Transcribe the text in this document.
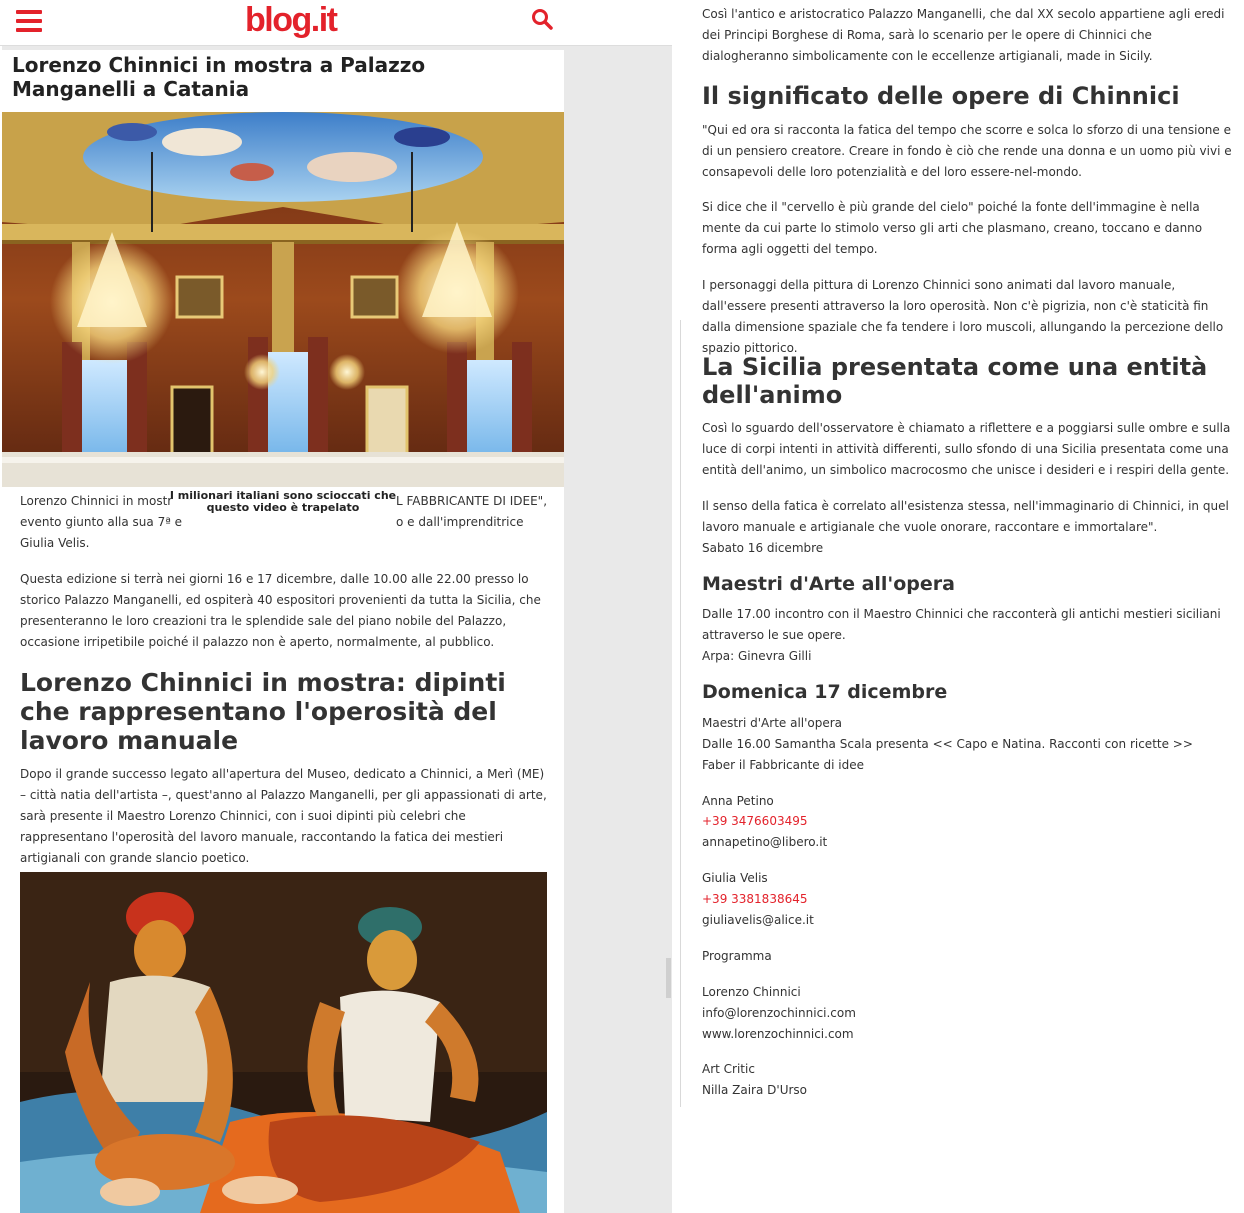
blog.it
Lorenzo Chinnici in mostra a Palazzo Manganelli a Catania
I milionari italiani sono scioccati che questo video è trapelato
Lorenzo Chinnici in mostr	L FABBRICANTE DI IDEE",
evento giunto alla sua 7ª e	o e dall'imprenditrice
Giulia Velis.

Questa edizione si terrà nei giorni 16 e 17 dicembre, dalle 10.00 alle 22.00 presso lo storico Palazzo Manganelli, ed ospiterà 40 espositori provenienti da tutta la Sicilia, che presenteranno le loro creazioni tra le splendide sale del piano nobile del Palazzo, occasione irripetibile poiché il palazzo non è aperto, normalmente, al pubblico.

Lorenzo Chinnici in mostra: dipinti che rappresentano l'operosità del lavoro manuale

Dopo il grande successo legato all'apertura del Museo, dedicato a Chinnici, a Merì (ME) – città natia dell'artista –, quest'anno al Palazzo Manganelli, per gli appassionati di arte, sarà presente il Maestro Lorenzo Chinnici, con i suoi dipinti più celebri che rappresentano l'operosità del lavoro manuale, raccontando la fatica dei mestieri artigianali con grande slancio poetico.

Così l'antico e aristocratico Palazzo Manganelli, che dal XX secolo appartiene agli eredi dei Principi Borghese di Roma, sarà lo scenario per le opere di Chinnici che dialogheranno simbolicamente con le eccellenze artigianali, made in Sicily.

Il significato delle opere di Chinnici

"Qui ed ora si racconta la fatica del tempo che scorre e solca lo sforzo di una tensione e di un pensiero creatore. Creare in fondo è ciò che rende una donna e un uomo più vivi e consapevoli delle loro potenzialità e del loro essere-nel-mondo.

Si dice che il "cervello è più grande del cielo" poiché la fonte dell'immagine è nella mente da cui parte lo stimolo verso gli arti che plasmano, creano, toccano e danno forma agli oggetti del tempo.

I personaggi della pittura di Lorenzo Chinnici sono animati dal lavoro manuale, dall'essere presenti attraverso la loro operosità. Non c'è pigrizia, non c'è staticità fin dalla dimensione spaziale che fa tendere i loro muscoli, allungando la percezione dello spazio pittorico.

La Sicilia presentata come una entità dell'animo

Così lo sguardo dell'osservatore è chiamato a riflettere e a poggiarsi sulle ombre e sulla luce di corpi intenti in attività differenti, sullo sfondo di una Sicilia presentata come una entità dell'animo, un simbolico macrocosmo che unisce i desideri e i respiri della gente.

Il senso della fatica è correlato all'esistenza stessa, nell'immaginario di Chinnici, in quel lavoro manuale e artigianale che vuole onorare, raccontare e immortalare".

Sabato 16 dicembre
Maestri d'Arte all'opera

Dalle 17.00 incontro con il Maestro Chinnici che racconterà gli antichi mestieri siciliani attraverso le sue opere.

Arpa: Ginevra Gilli
Domenica 17 dicembre
Maestri d'Arte all'opera
Dalle 16.00 Samantha Scala presenta << Capo e Natina. Racconti con ricette >>
Faber il Fabbricante di idee
Anna Petino
+39 3476603495
annapetino@libero.it
Giulia Velis
+39 3381838645
giuliavelis@alice.it
Programma
Lorenzo Chinnici
info@lorenzochinnici.com
www.lorenzochinnici.com
Art Critic
Nilla Zaira D'Urso
